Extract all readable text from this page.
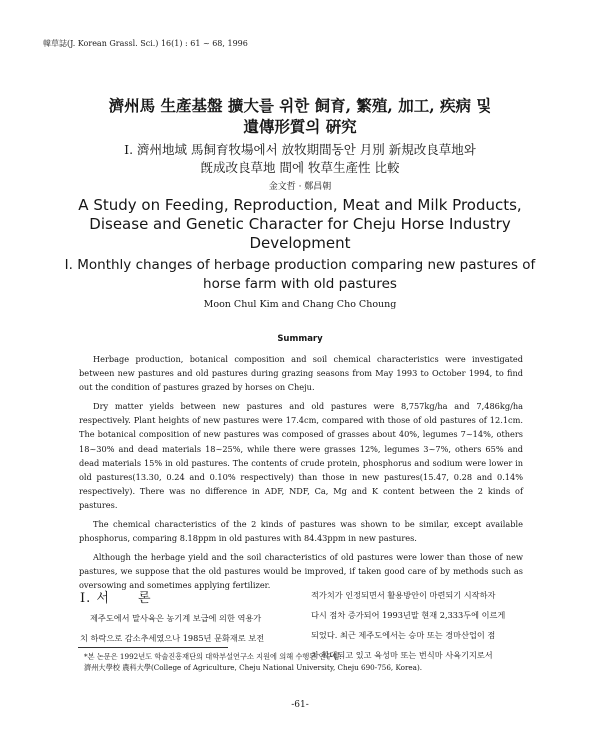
韓草誌(J. Korean Grassl. Sci.) 16(1) : 61 ~ 68, 1996
濟州馬 生產基盤 擴大를 위한 飼育, 繁殖, 加工, 疾病 및
遺傳形質의 硏究
Ⅰ. 濟州地域 馬飼育牧場에서 放牧期間동안 月別 新規改良草地와
旣成改良草地 間에 牧草生產性 比較
金文哲 · 鄭昌朝
A Study on Feeding, Reproduction, Meat and Milk Products,
Disease and Genetic Character for Cheju Horse Industry
Development
Ⅰ. Monthly changes of herbage production comparing new pastures of
horse farm with old pastures
Moon Chul Kim and Chang Cho Choung
Summary

Herbage production, botanical composition and soil chemical characteristics were investigated between new pastures and old pastures during grazing seasons from May 1993 to October 1994, to find out the condition of pastures grazed by horses on Cheju.

Dry matter yields between new pastures and old pastures were 8,757kg/ha and 7,486kg/ha respectively. Plant heights of new pastures were 17.4cm, compared with those of old pastures of 12.1cm. The botanical composition of new pastures was composed of grasses about 40%, legumes 7~14%, others 18~30% and dead materials 18~25%, while there were grasses 12%, legumes 3~7%, others 65% and dead materials 15% in old pastures. The contents of crude protein, phosphorus and sodium were lower in old pastures(13.30, 0.24 and 0.10% respectively) than those in new pastures(15.47, 0.28 and 0.14% respectively). There was no difference in ADF, NDF, Ca, Mg and K content between the 2 kinds of pastures.

The chemical characteristics of the 2 kinds of pastures was shown to be similar, except available phosphorus, comparing 8.18ppm in old pastures with 84.43ppm in new pastures.

Although the herbage yield and the soil characteristics of old pastures were lower than those of new pastures, we suppose that the old pastures would be improved, if taken good care of by methods such as oversowing and sometimes applying fertilizer.

Ⅰ. 서　　론

제주도에서 말사육은 농기계 보급에 의한 역용가

치 하락으로 감소추세였으나 1985년 문화재로 보전

적가치가 인정되면서 활용방안이 마련되기 시작하자

다시 점차 증가되어 1993년말 현재 2,333두에 이르게

되었다. 최근 제주도에서는 승마 또는 경마산업이 점

차 확대되고 있고 육성마 또는 번식마 사육기지로서

*본 논문은 1992년도 학술진흥재단의 대학부설연구소 지원에 의해 수행된 연구임.
濟州大學校 農科大學(College of Agriculture, Cheju National University, Cheju 690-756, Korea).
-61-
